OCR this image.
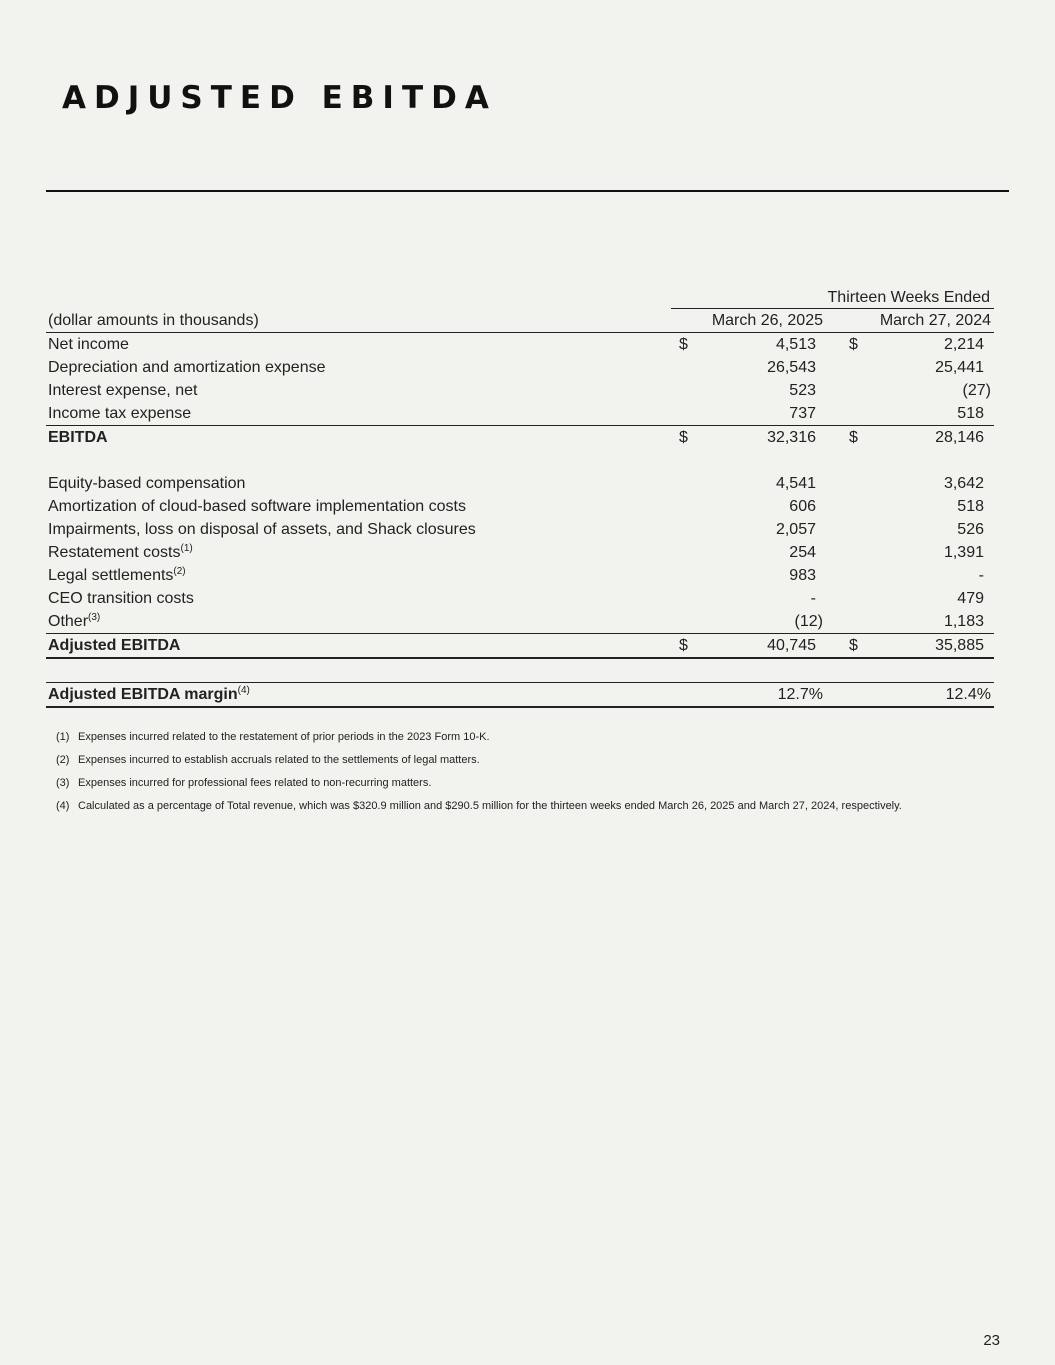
ADJUSTED EBITDA
Thirteen Weeks Ended
(dollar amounts in thousands)	March 26, 2025	March 27, 2024
Net income	$	4,513 $	2,214
Depreciation and amortization expense	26,543	25,441
Interest expense, net	523	(27)
Income tax expense	737	518
EBITDA	$	32,316 $	28,146
Equity-based compensation	4,541	3,642
Amortization of cloud-based software implementation costs	606	518
Impairments, loss on disposal of assets, and Shack closures	2,057	526
Restatement costs$^{(1)}$	254	1,391
Legal settlements$^{(2)}$	983	-
CEO transition costs	-	479
Other$^{(3)}$	(12)	1,183
Adjusted EBITDA	$	40,745 $	35,885
Adjusted EBITDA margin$^{(4)}$	12.7%	12.4%
(1) Expenses incurred related to the restatement of prior periods in the 2023 Form 10-K.
(2) Expenses incurred to establish accruals related to the settlements of legal matters.
(3) Expenses incurred for professional fees related to non-recurring matters.
(4) Calculated as a percentage of Total revenue, which was $320.9 million and $290.5 million for the thirteen weeks ended March 26, 2025 and March 27, 2024, respectively.
23
